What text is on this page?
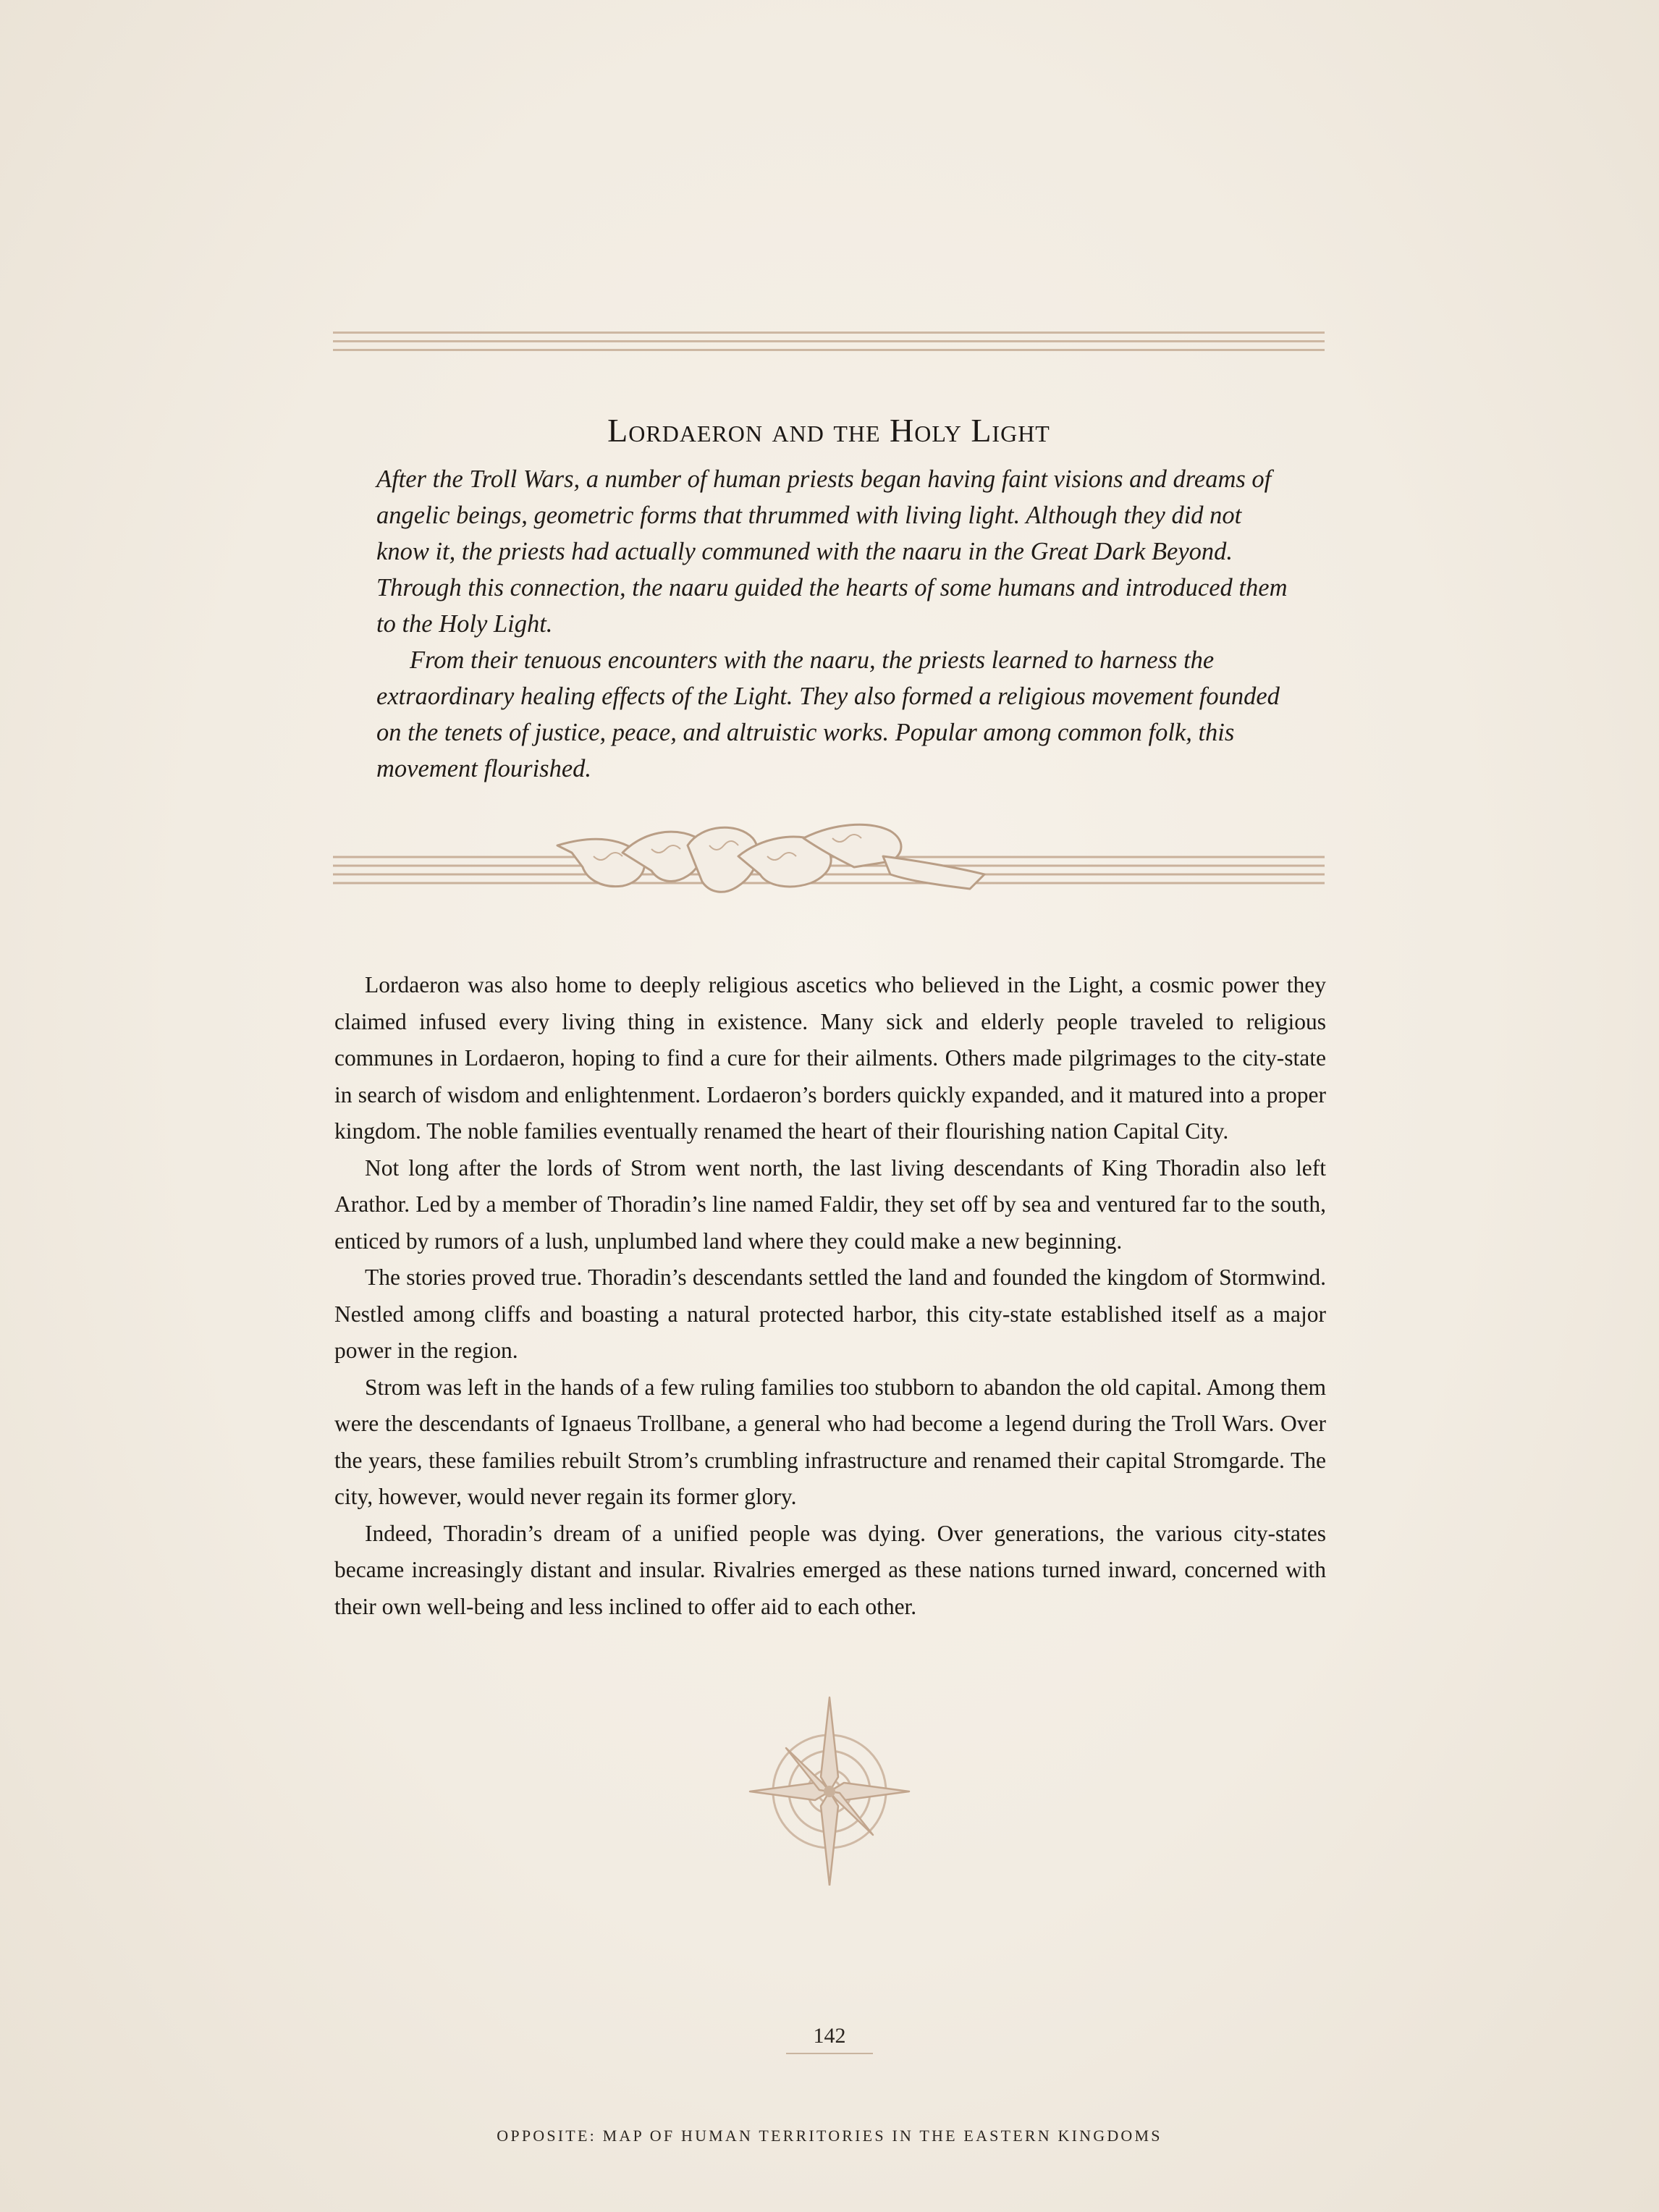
Lordaeron and the Holy Light

After the Troll Wars, a number of human priests began having faint visions and dreams of angelic beings, geometric forms that thrummed with living light. Although they did not know it, the priests had actually communed with the naaru in the Great Dark Beyond. Through this connection, the naaru guided the hearts of some humans and introduced them to the Holy Light.

From their tenuous encounters with the naaru, the priests learned to harness the extraordinary healing effects of the Light. They also formed a religious movement founded on the tenets of justice, peace, and altruistic works. Popular among common folk, this movement flourished.

Lordaeron was also home to deeply religious ascetics who believed in the Light, a cosmic power they claimed infused every living thing in existence. Many sick and elderly people traveled to religious communes in Lordaeron, hoping to find a cure for their ailments. Others made pilgrimages to the city-state in search of wisdom and enlightenment. Lordaeron’s borders quickly expanded, and it matured into a proper kingdom. The noble families eventually renamed the heart of their flourishing nation Capital City.

Not long after the lords of Strom went north, the last living descendants of King Thoradin also left Arathor. Led by a member of Thoradin’s line named Faldir, they set off by sea and ventured far to the south, enticed by rumors of a lush, unplumbed land where they could make a new beginning.

The stories proved true. Thoradin’s descendants settled the land and founded the kingdom of Stormwind. Nestled among cliffs and boasting a natural protected harbor, this city-state established itself as a major power in the region.

Strom was left in the hands of a few ruling families too stubborn to abandon the old capital. Among them were the descendants of Ignaeus Trollbane, a general who had become a legend during the Troll Wars. Over the years, these families rebuilt Strom’s crumbling infrastructure and renamed their capital Stromgarde. The city, however, would never regain its former glory.

Indeed, Thoradin’s dream of a unified people was dying. Over generations, the various city-states became increasingly distant and insular. Rivalries emerged as these nations turned inward, concerned with their own well-being and less inclined to offer aid to each other.

142
OPPOSITE: MAP OF HUMAN TERRITORIES IN THE EASTERN KINGDOMS
